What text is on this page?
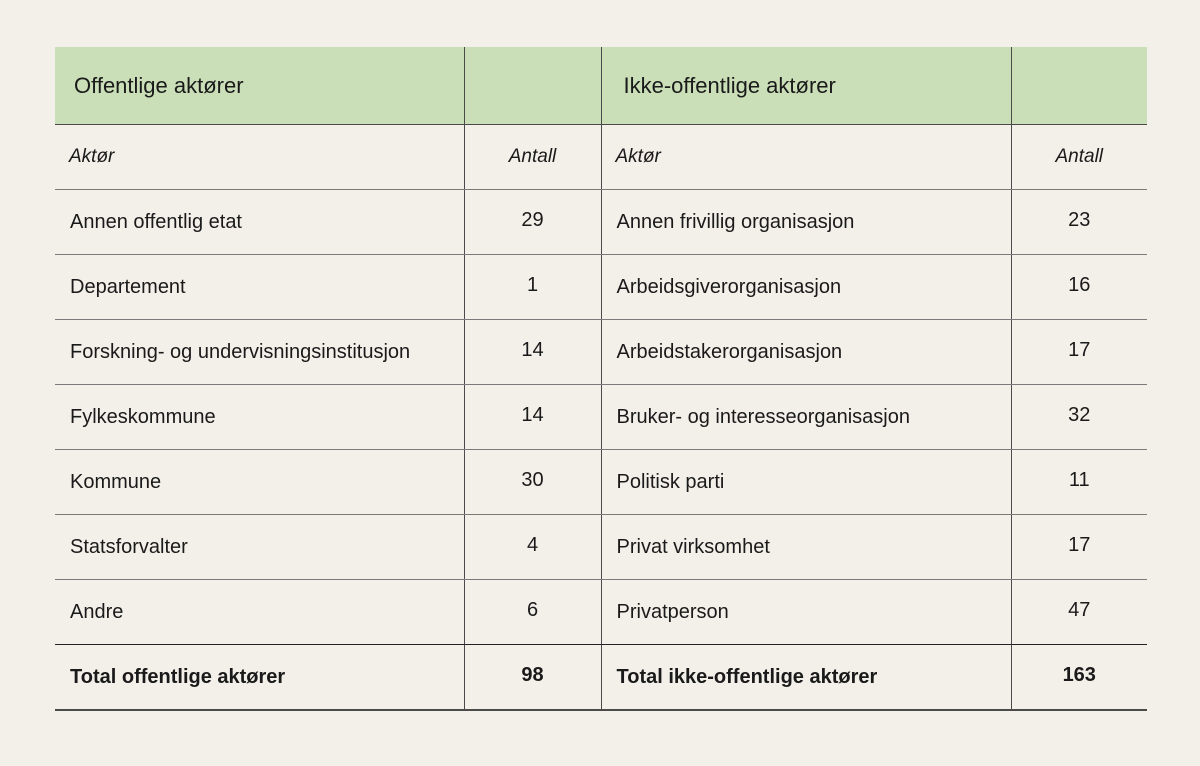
Offentlige aktører		Ikke-offentlige aktører	
Aktør	Antall	Aktør	Antall
Annen offentlig etat	29	Annen frivillig organisasjon	23
Departement	1	Arbeidsgiverorganisasjon	16
Forskning- og undervisningsinstitusjon	14	Arbeidstakerorganisasjon	17
Fylkeskommune	14	Bruker- og interesseorganisasjon	32
Kommune	30	Politisk parti	11
Statsforvalter	4	Privat virksomhet	17
Andre	6	Privatperson	47
Total offentlige aktører	98	Total ikke-offentlige aktører	163
